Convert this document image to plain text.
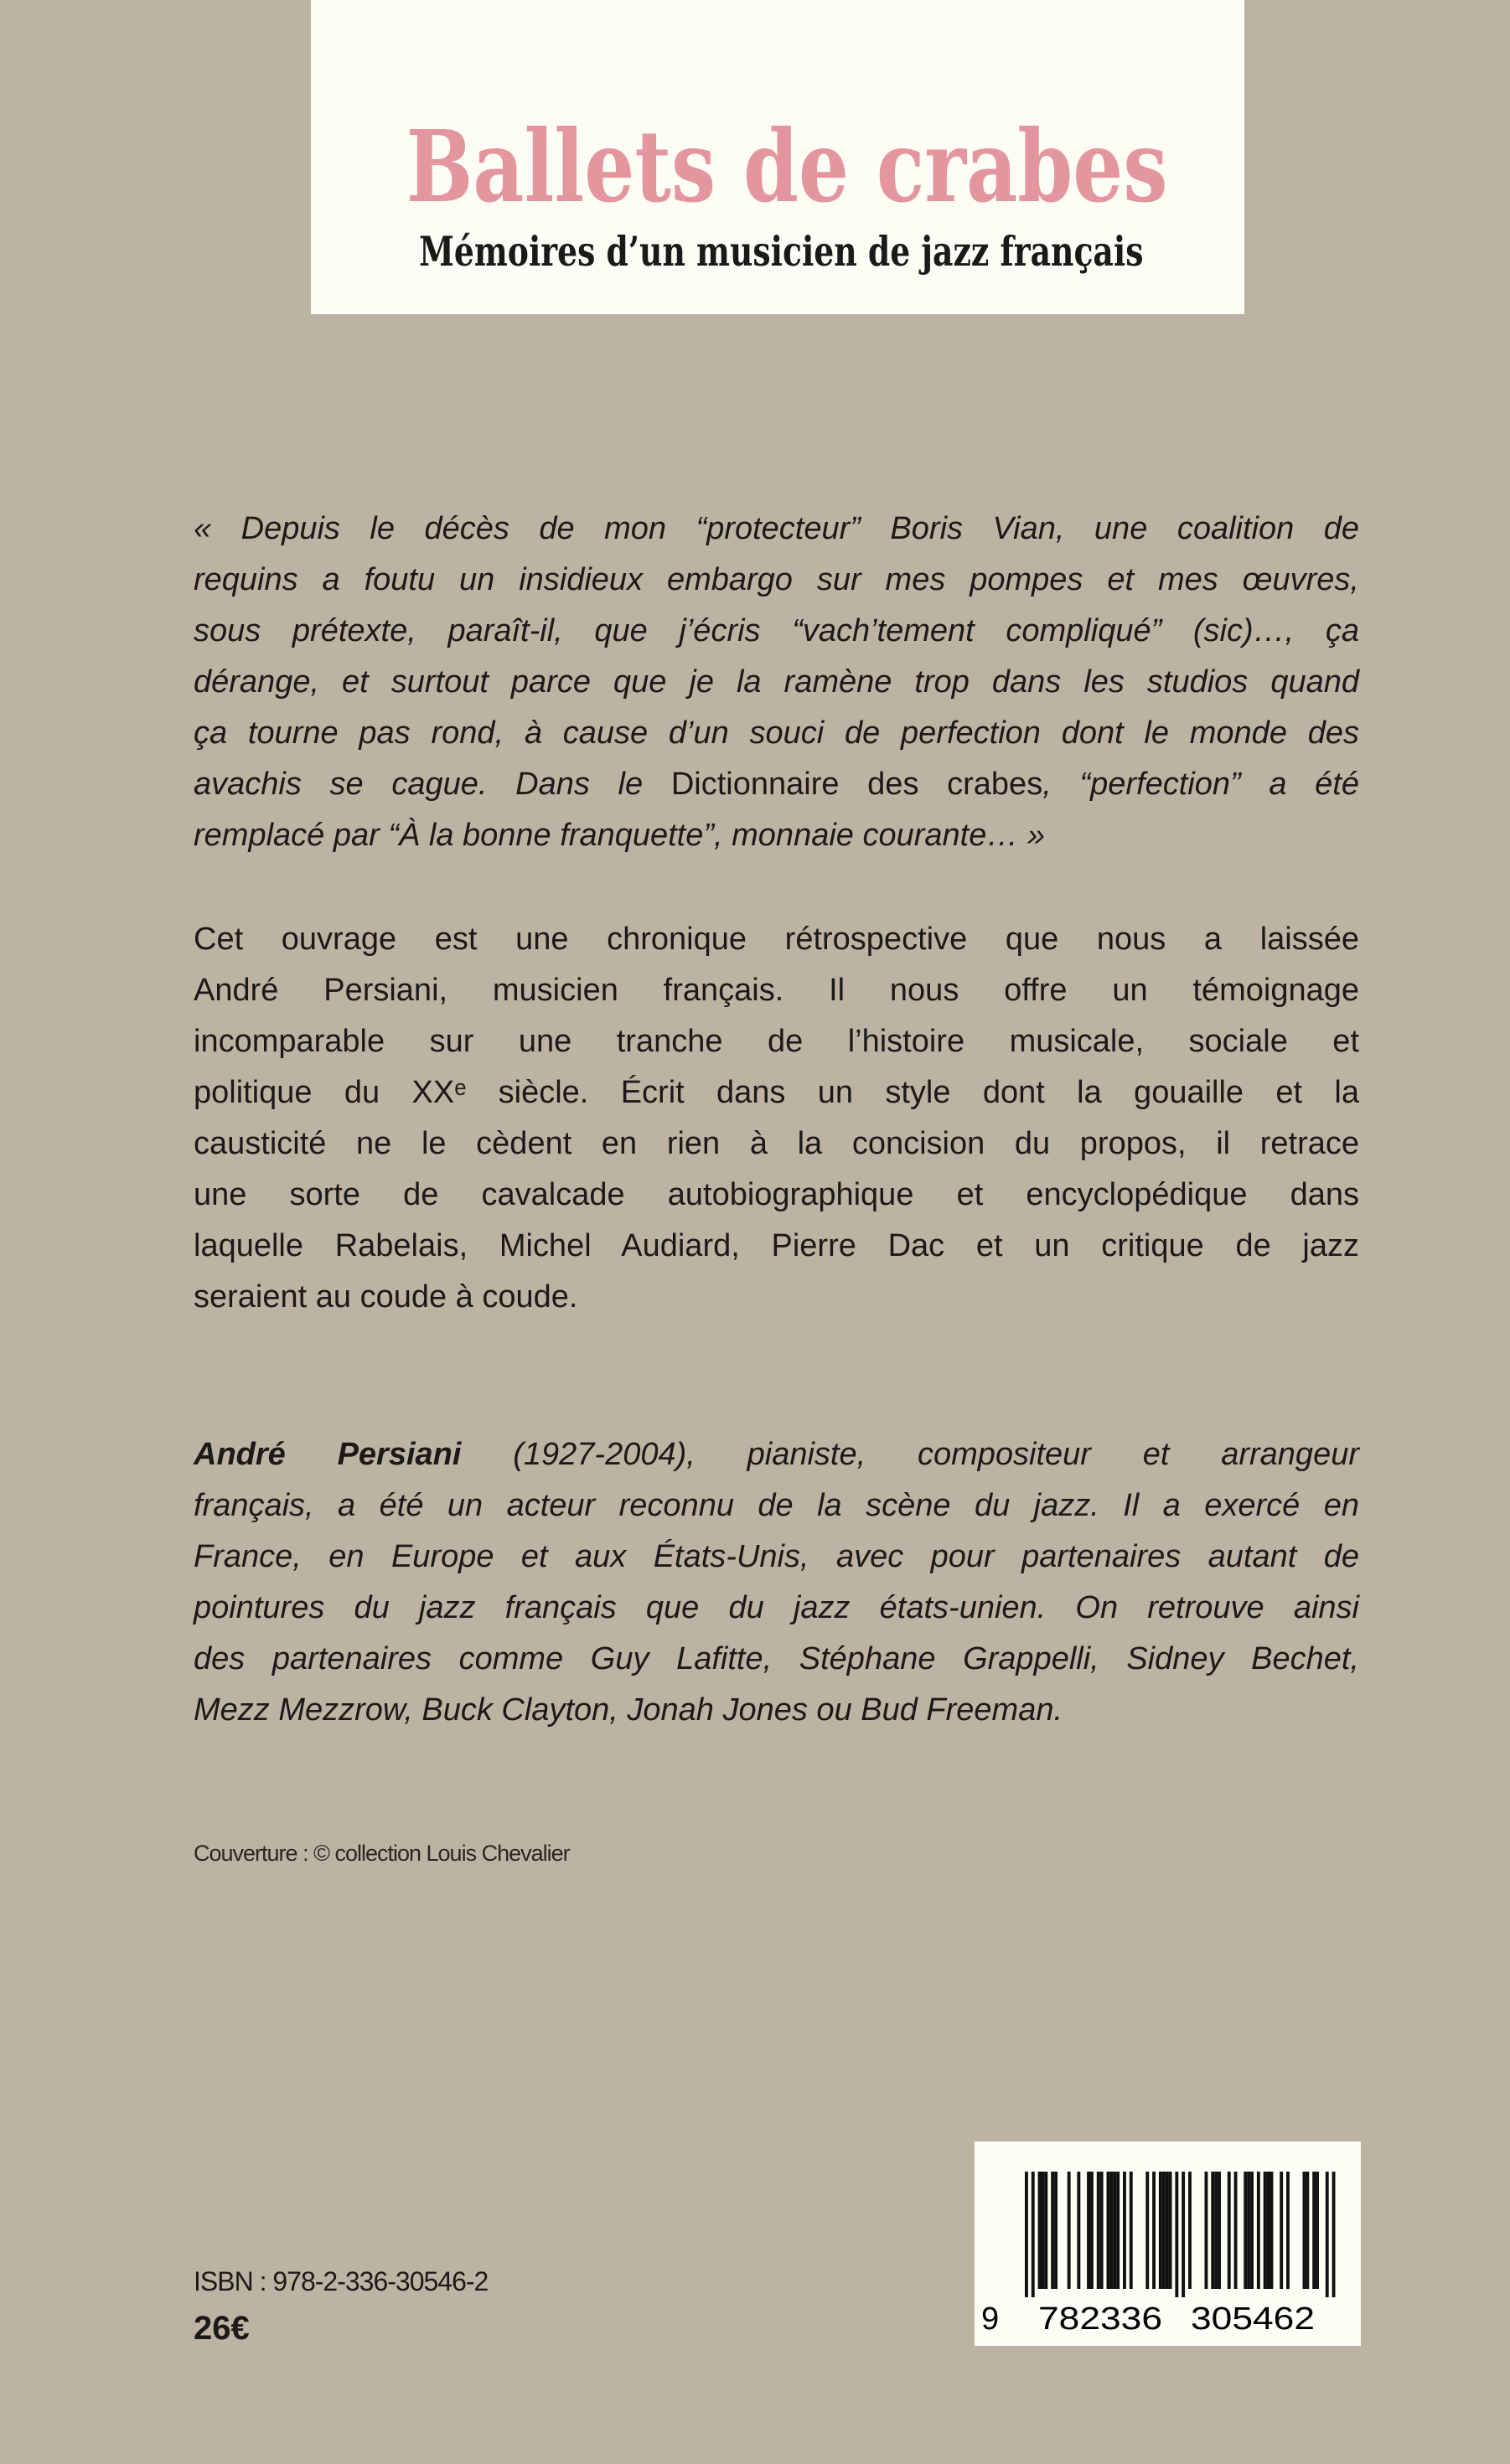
Ballets de crabes
Mémoires d’un musicien de jazz français
« Depuis le décès de mon “protecteur” Boris Vian, une coalition de
requins a foutu un insidieux embargo sur mes pompes et mes œuvres,
sous prétexte, paraît-il, que j’écris “vach’tement compliqué” (sic)…, ça
dérange, et surtout parce que je la ramène trop dans les studios quand
ça tourne pas rond, à cause d’un souci de perfection dont le monde des
avachis se cague. Dans le Dictionnaire des crabes, “perfection” a été
remplacé par “À la bonne franquette”, monnaie courante… »
Cet ouvrage est une chronique rétrospective que nous a laissée
André Persiani, musicien français. Il nous offre un témoignage
incomparable sur une tranche de l’histoire musicale, sociale et
politique du XXᵉ siècle. Écrit dans un style dont la gouaille et la
causticité ne le cèdent en rien à la concision du propos, il retrace
une sorte de cavalcade autobiographique et encyclopédique dans
laquelle Rabelais, Michel Audiard, Pierre Dac et un critique de jazz
seraient au coude à coude.
André Persiani (1927-2004), pianiste, compositeur et arrangeur
français, a été un acteur reconnu de la scène du jazz. Il a exercé en
France, en Europe et aux États-Unis, avec pour partenaires autant de
pointures du jazz français que du jazz états-unien. On retrouve ainsi
des partenaires comme Guy Lafitte, Stéphane Grappelli, Sidney Bechet,
Mezz Mezzrow, Buck Clayton, Jonah Jones ou Bud Freeman.
Couverture : © collection Louis Chevalier
ISBN : 978-2-336-30546-2
26€	9 782336 305462
